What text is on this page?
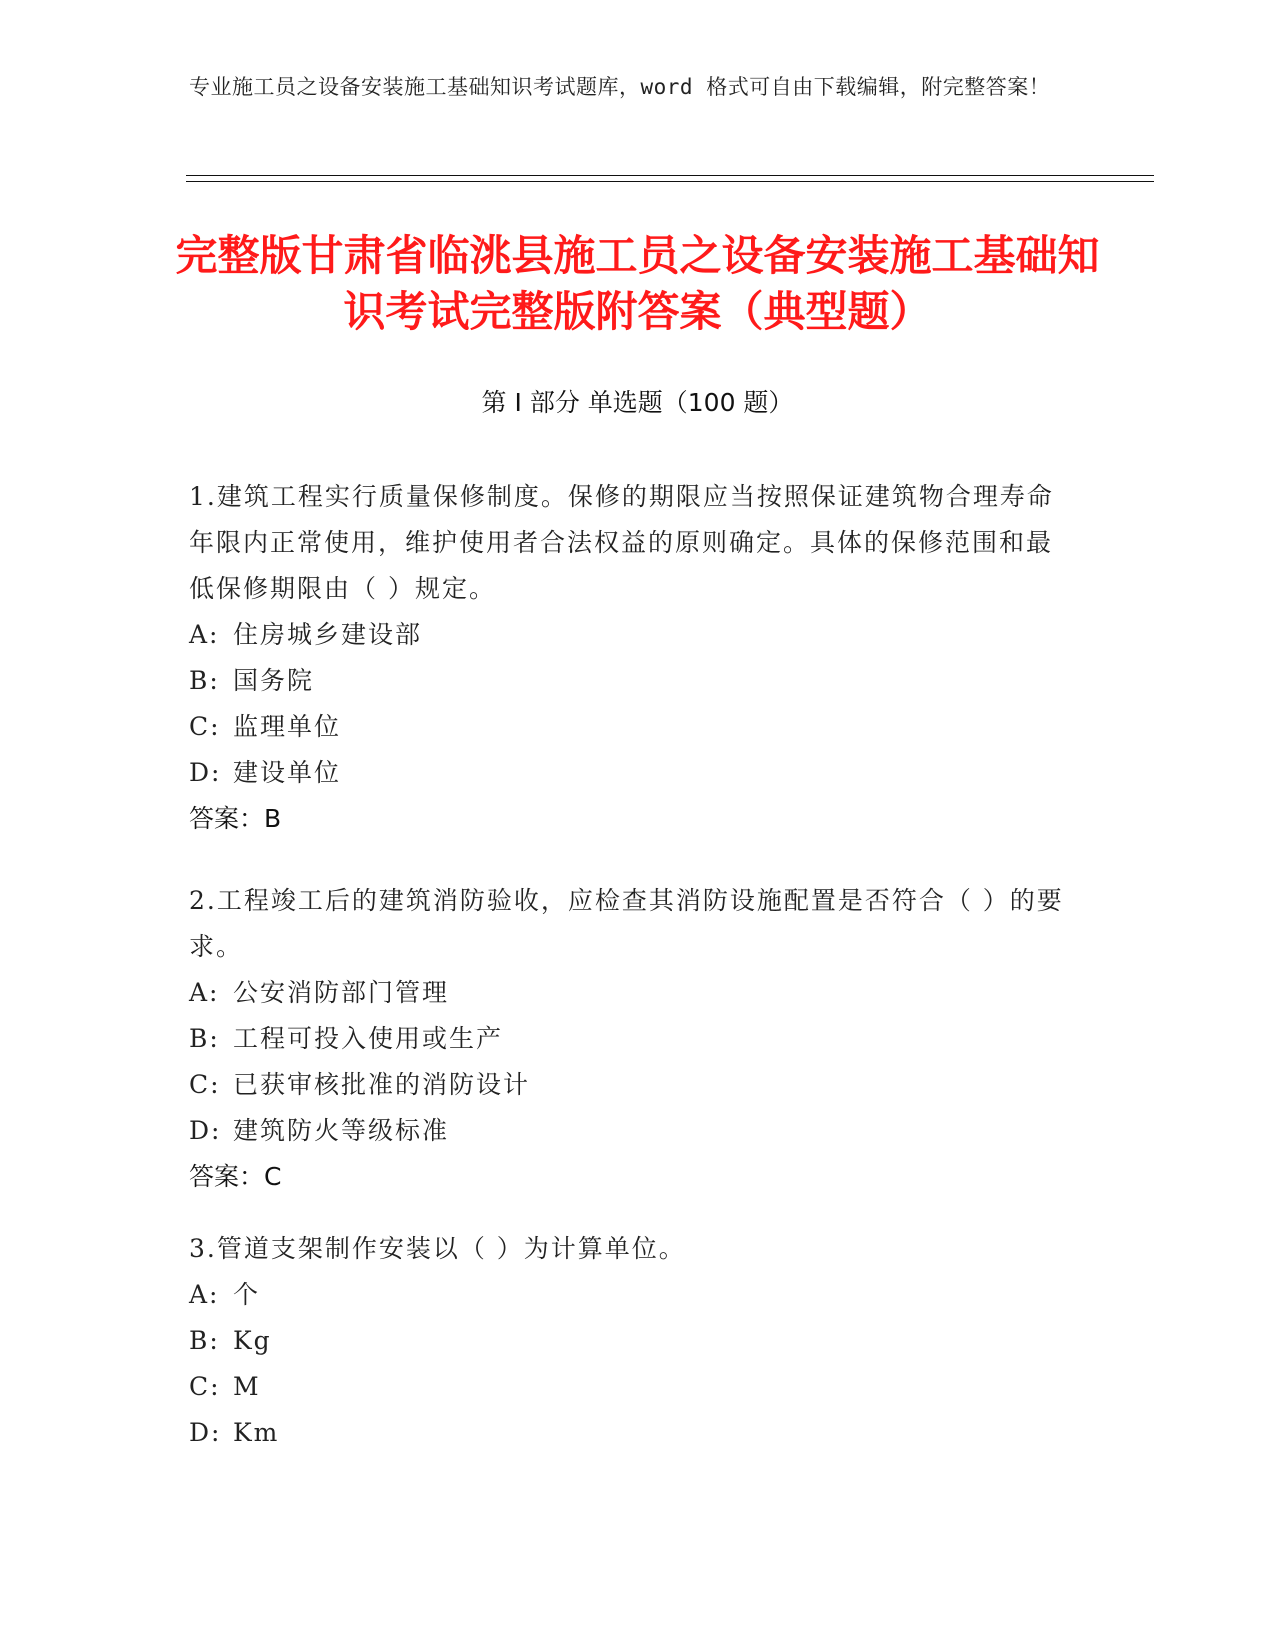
专业施工员之设备安装施工基础知识考试题库，word 格式可自由下载编辑，附完整答案！
完整版甘肃省临洮县施工员之设备安装施工基础知识考试完整版附答案（典型题）
第 I 部分 单选题（100 题）
1.建筑工程实行质量保修制度。保修的期限应当按照保证建筑物合理寿命年限内正常使用，维护使用者合法权益的原则确定。具体的保修范围和最低保修期限由（ ）规定。
A: 住房城乡建设部
B: 国务院
C: 监理单位
D: 建设单位
答案：B
2.工程竣工后的建筑消防验收，应检查其消防设施配置是否符合（ ）的要求。
A: 公安消防部门管理
B: 工程可投入使用或生产
C: 已获审核批准的消防设计
D: 建筑防火等级标准
答案：C
3.管道支架制作安装以（ ）为计算单位。
A: 个
B: Kg
C: M
D: Km
